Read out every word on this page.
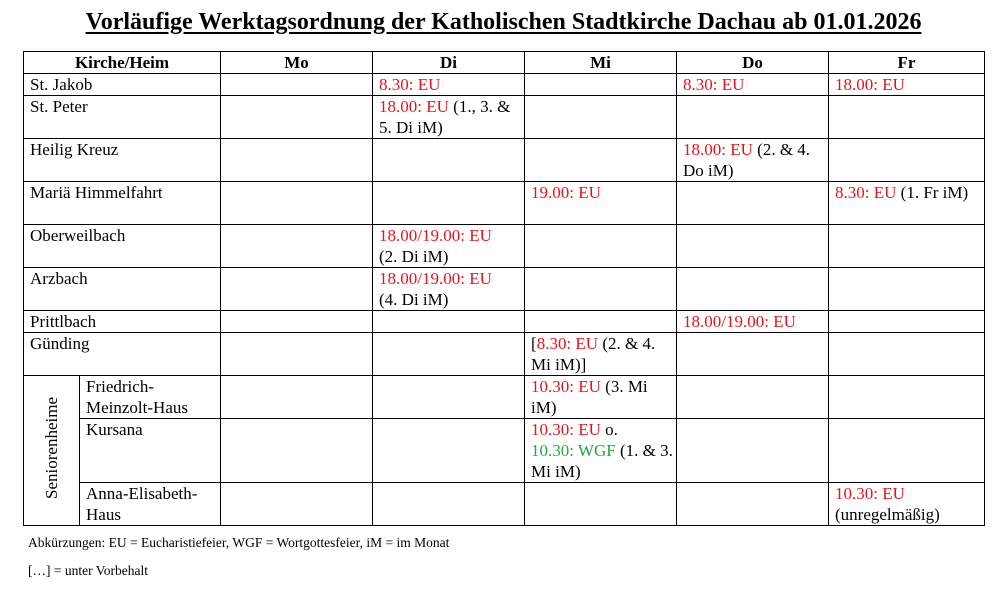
Vorläufige Werktagsordnung der Katholischen Stadtkirche Dachau ab 01.01.2026
Kirche/Heim		Mo	Di	Mi	Do	Fr
St. Jakob			8.30: EU		8.30: EU	18.00: EU
St. Peter			18.00: EU (1., 3. & 5. Di iM)			
Heilig Kreuz					18.00: EU (2. & 4. Do iM)	
Mariä Himmelfahrt				19.00: EU		8.30: EU (1. Fr iM)
Oberweilbach			18.00/19.00: EU
(2. Di iM)			
Arzbach			18.00/19.00: EU
(4. Di iM)			
Prittlbach					18.00/19.00: EU	
Günding				[8.30: EU (2. & 4. Mi iM)]		
Seniorenheime	Friedrich-Meinzolt-Haus			10.30: EU (3. Mi iM)		
	Kursana			10.30: EU o.
10.30: WGF (1. & 3. Mi iM)		
	Anna-Elisabeth-Haus					10.30: EU
(unregelmäßig)
Abkürzungen: EU = Eucharistiefeier, WGF = Wortgottesfeier, iM = im Monat
[…] = unter Vorbehalt
